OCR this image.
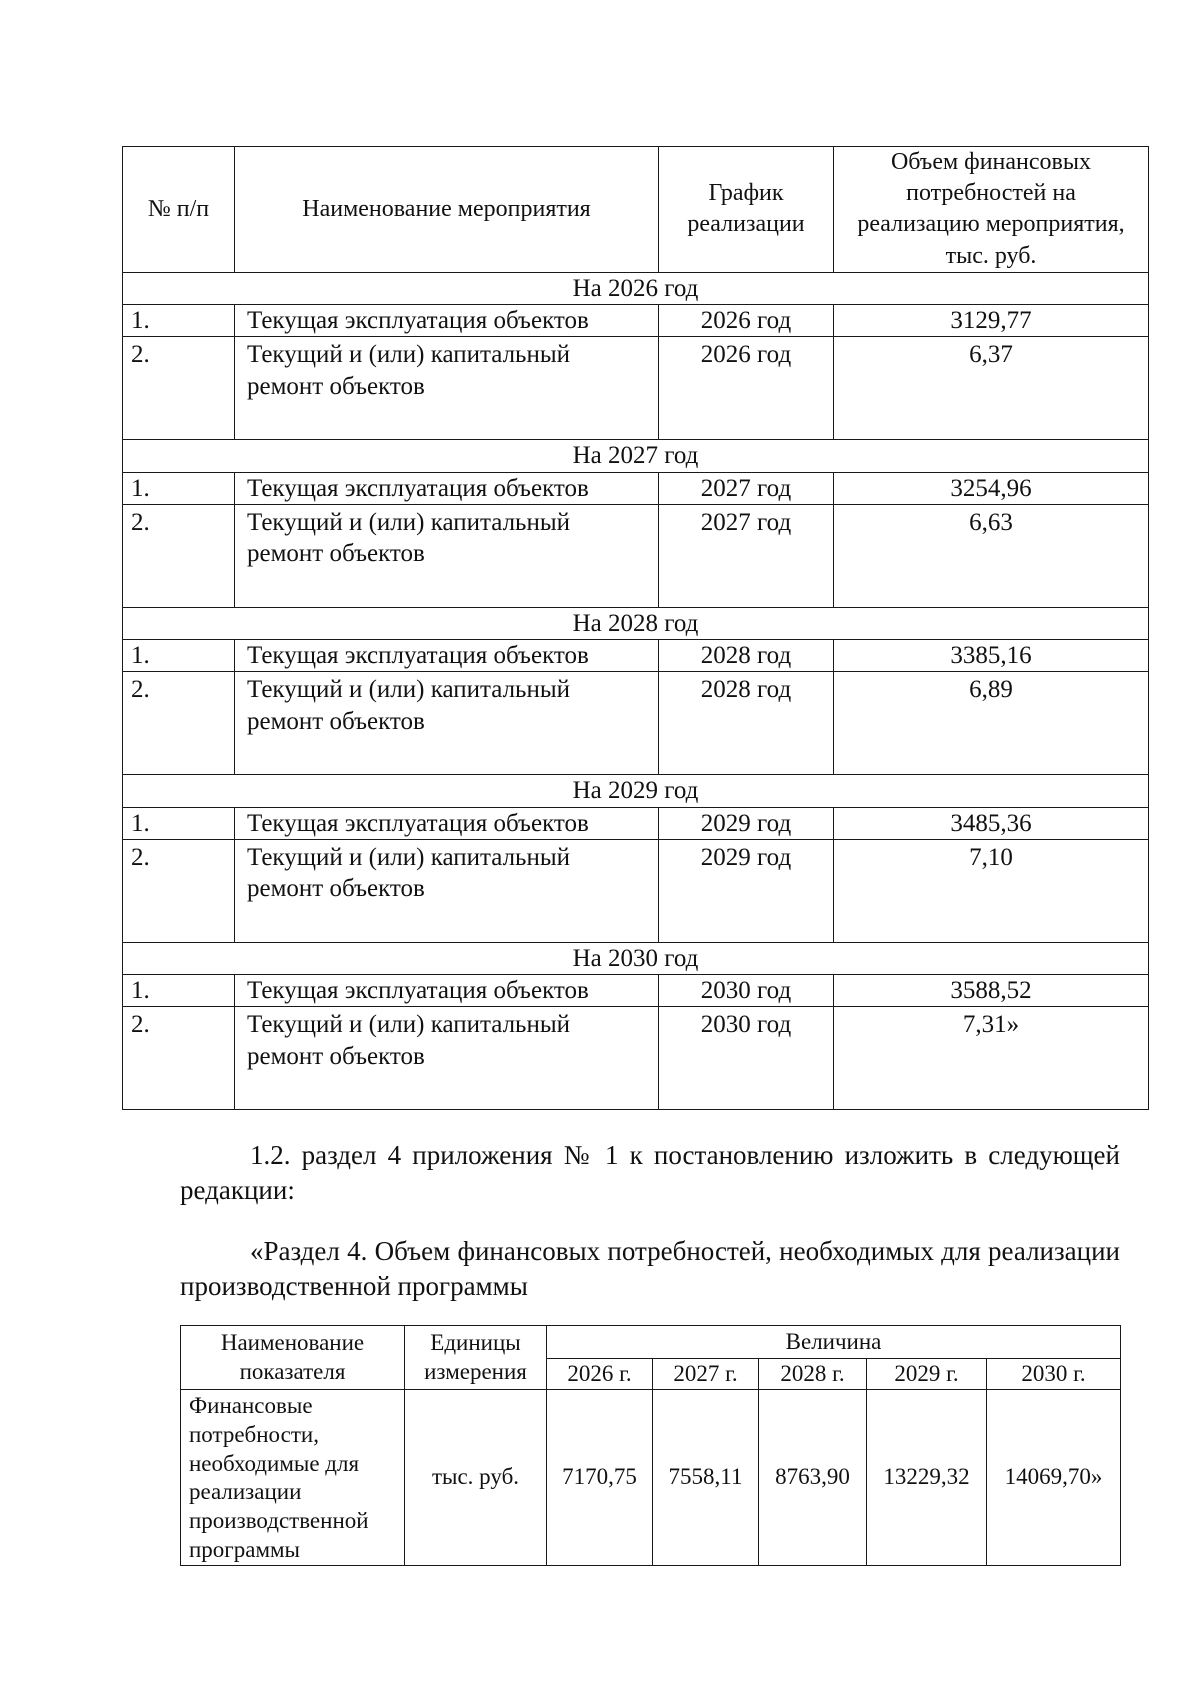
№ п/п	Наименование мероприятия	График реализации	Объем финансовых потребностей на реализацию мероприятия, тыс. руб.
На 2026 год			
1.	Текущая эксплуатация объектов	2026 год	3129,77
2.	Текущий и (или) капитальный ремонт объектов	2026 год	6,37
На 2027 год			
1.	Текущая эксплуатация объектов	2027 год	3254,96
2.	Текущий и (или) капитальный ремонт объектов	2027 год	6,63
На 2028 год			
1.	Текущая эксплуатация объектов	2028 год	3385,16
2.	Текущий и (или) капитальный ремонт объектов	2028 год	6,89
На 2029 год			
1.	Текущая эксплуатация объектов	2029 год	3485,36
2.	Текущий и (или) капитальный ремонт объектов	2029 год	7,10
На 2030 год			
1.	Текущая эксплуатация объектов	2030 год	3588,52
2.	Текущий и (или) капитальный ремонт объектов	2030 год	7,31»

1.2. раздел 4 приложения № 1 к постановлению изложить в следующей редакции:

«Раздел 4. Объем финансовых потребностей, необходимых для реализации производственной программы

Наименование показателя	Единицы измерения	Величина				
		2026 г.	2027 г.	2028 г.	2029 г.	2030 г.
Финансовые потребности, необходимые для реализации производственной программы	тыс. руб.	7170,75	7558,11	8763,90	13229,32	14069,70»
